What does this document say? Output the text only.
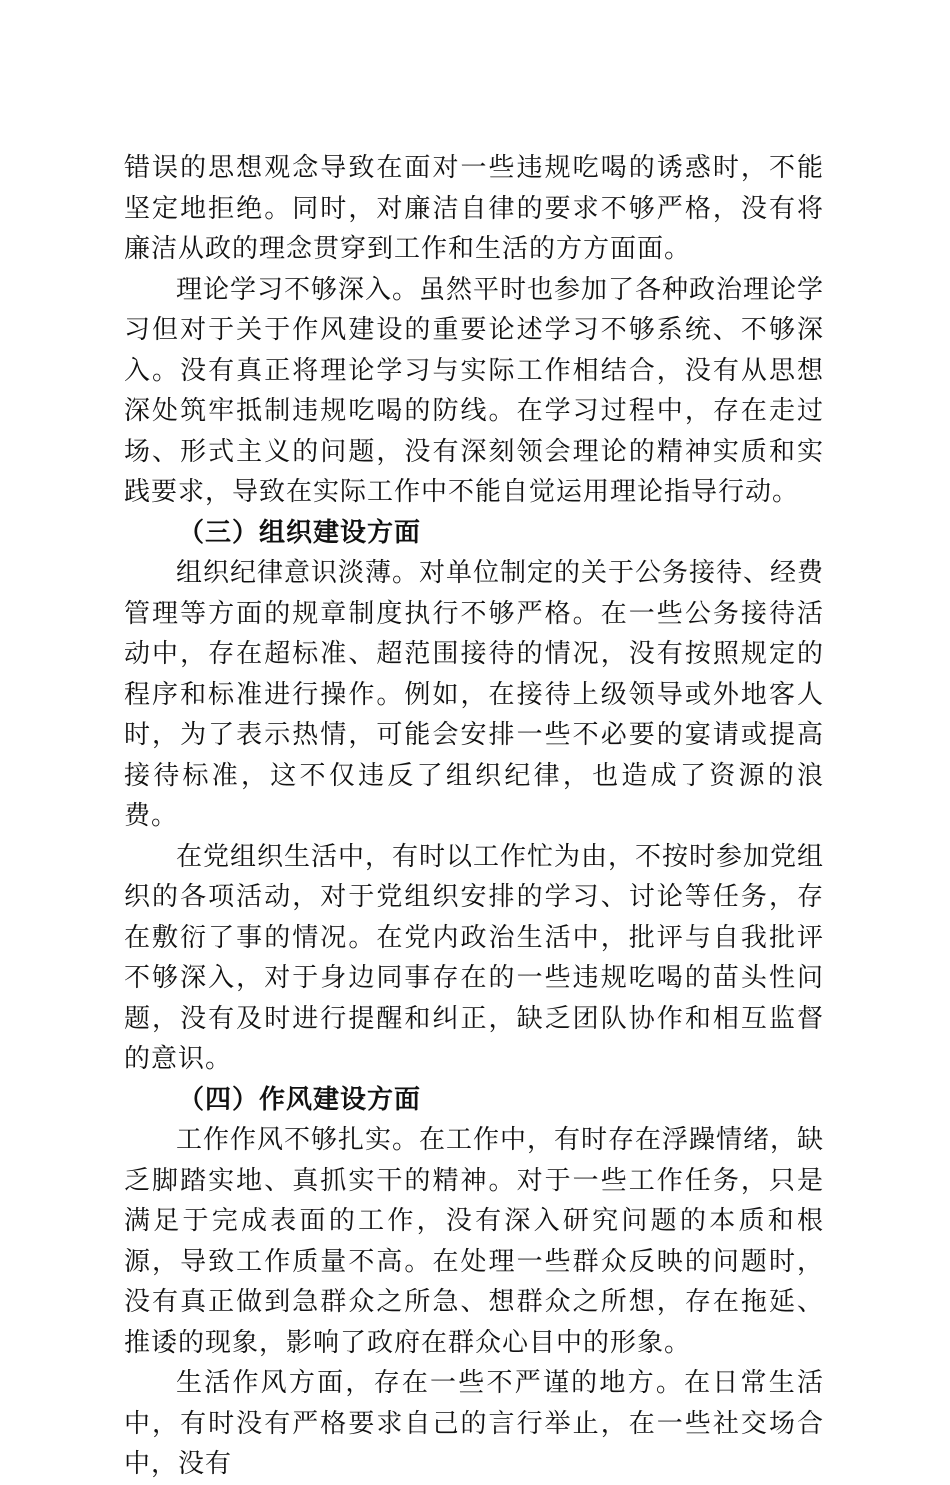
错误的思想观念导致在面对一些违规吃喝的诱惑时，不能坚定地拒绝。同时，对廉洁自律的要求不够严格，没有将廉洁从政的理念贯穿到工作和生活的方方面面。

理论学习不够深入。虽然平时也参加了各种政治理论学习但对于关于作风建设的重要论述学习不够系统、不够深入。没有真正将理论学习与实际工作相结合，没有从思想深处筑牢抵制违规吃喝的防线。在学习过程中，存在走过场、形式主义的问题，没有深刻领会理论的精神实质和实践要求，导致在实际工作中不能自觉运用理论指导行动。

（三）组织建设方面

组织纪律意识淡薄。对单位制定的关于公务接待、经费管理等方面的规章制度执行不够严格。在一些公务接待活动中，存在超标准、超范围接待的情况，没有按照规定的程序和标准进行操作。例如，在接待上级领导或外地客人时，为了表示热情，可能会安排一些不必要的宴请或提高接待标准，这不仅违反了组织纪律，也造成了资源的浪费。

在党组织生活中，有时以工作忙为由，不按时参加党组织的各项活动，对于党组织安排的学习、讨论等任务，存在敷衍了事的情况。在党内政治生活中，批评与自我批评不够深入，对于身边同事存在的一些违规吃喝的苗头性问题，没有及时进行提醒和纠正，缺乏团队协作和相互监督的意识。

（四）作风建设方面

工作作风不够扎实。在工作中，有时存在浮躁情绪，缺乏脚踏实地、真抓实干的精神。对于一些工作任务，只是满足于完成表面的工作，没有深入研究问题的本质和根源，导致工作质量不高。在处理一些群众反映的问题时，没有真正做到急群众之所急、想群众之所想，存在拖延、推诿的现象，影响了政府在群众心目中的形象。

生活作风方面，存在一些不严谨的地方。在日常生活中，有时没有严格要求自己的言行举止，在一些社交场合中，没有
